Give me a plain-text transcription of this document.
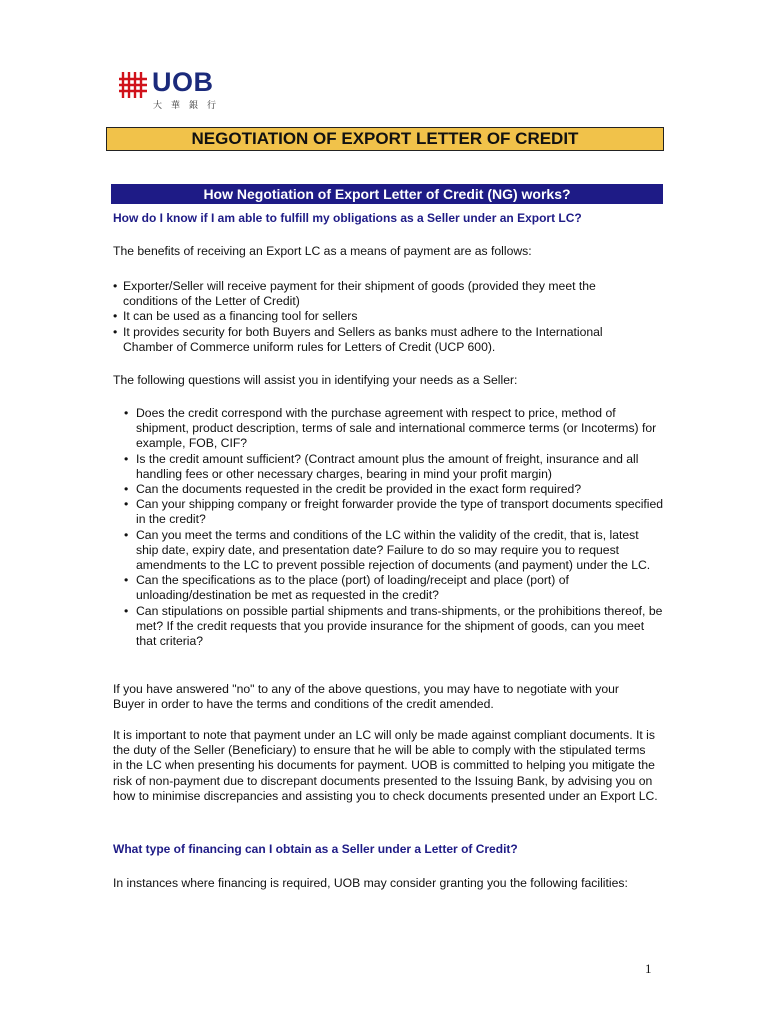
UOB
大華銀行
NEGOTIATION OF EXPORT LETTER OF CREDIT
How Negotiation of Export Letter of Credit (NG) works?
How do I know if I am able to fulfill my obligations as a Seller under an Export LC?
The benefits of receiving an Export LC as a means of payment are as follows:
• Exporter/Seller will receive payment for their shipment of goods (provided they meet the conditions of the Letter of Credit)
• It can be used as a financing tool for sellers
• It provides security for both Buyers and Sellers as banks must adhere to the International Chamber of Commerce uniform rules for Letters of Credit (UCP 600).
The following questions will assist you in identifying your needs as a Seller:
• Does the credit correspond with the purchase agreement with respect to price, method of shipment, product description, terms of sale and international commerce terms (or Incoterms) for example, FOB, CIF?
• Is the credit amount sufficient? (Contract amount plus the amount of freight, insurance and all handling fees or other necessary charges, bearing in mind your profit margin)
• Can the documents requested in the credit be provided in the exact form required?
• Can your shipping company or freight forwarder provide the type of transport documents specified in the credit?
• Can you meet the terms and conditions of the LC within the validity of the credit, that is, latest ship date, expiry date, and presentation date? Failure to do so may require you to request amendments to the LC to prevent possible rejection of documents (and payment) under the LC.
• Can the specifications as to the place (port) of loading/receipt and place (port) of unloading/destination be met as requested in the credit?
• Can stipulations on possible partial shipments and trans-shipments, or the prohibitions thereof, be met? If the credit requests that you provide insurance for the shipment of goods, can you meet that criteria?
If you have answered "no" to any of the above questions, you may have to negotiate with your Buyer in order to have the terms and conditions of the credit amended.
It is important to note that payment under an LC will only be made against compliant documents. It is the duty of the Seller (Beneficiary) to ensure that he will be able to comply with the stipulated terms in the LC when presenting his documents for payment. UOB is committed to helping you mitigate the risk of non-payment due to discrepant documents presented to the Issuing Bank, by advising you on how to minimise discrepancies and assisting you to check documents presented under an Export LC.
What type of financing can I obtain as a Seller under a Letter of Credit?
In instances where financing is required, UOB may consider granting you the following facilities:
1
